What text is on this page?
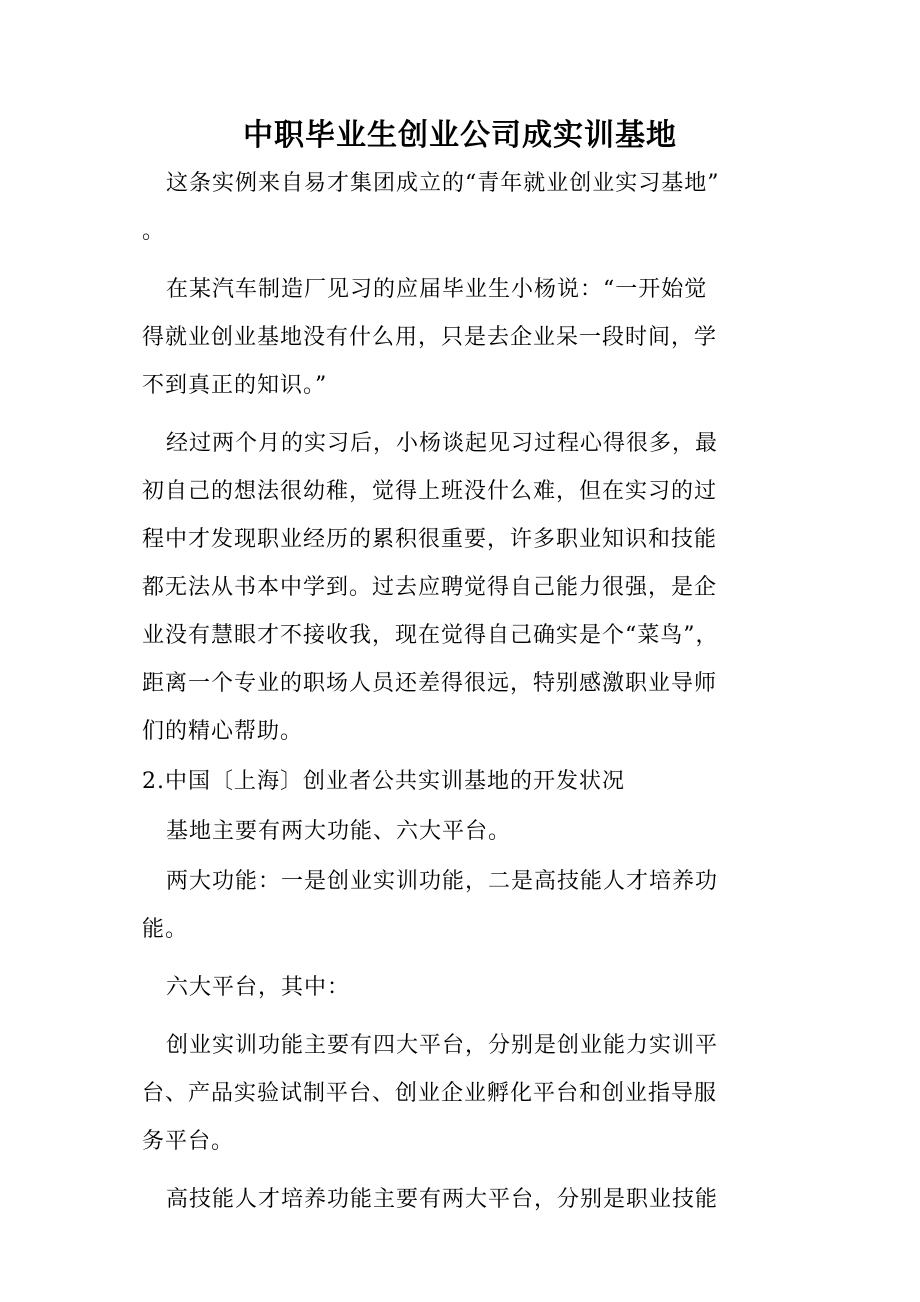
中职毕业生创业公司成实训基地
这条实例来自易才集团成立的“青年就业创业实习基地”
。
在某汽车制造厂见习的应届毕业生小杨说：“一开始觉
得就业创业基地没有什么用，只是去企业呆一段时间，学
不到真正的知识。”
经过两个月的实习后，小杨谈起见习过程心得很多，最
初自己的想法很幼稚，觉得上班没什么难，但在实习的过
程中才发现职业经历的累积很重要，许多职业知识和技能
都无法从书本中学到。过去应聘觉得自己能力很强，是企
业没有慧眼才不接收我，现在觉得自己确实是个“菜鸟”，
距离一个专业的职场人员还差得很远，特别感激职业导师
们的精心帮助。
2.中国〔上海〕创业者公共实训基地的开发状况
基地主要有两大功能、六大平台。
两大功能：一是创业实训功能，二是高技能人才培养功
能。
六大平台，其中：
创业实训功能主要有四大平台，分别是创业能力实训平
台、产品实验试制平台、创业企业孵化平台和创业指导服
务平台。
高技能人才培养功能主要有两大平台，分别是职业技能
